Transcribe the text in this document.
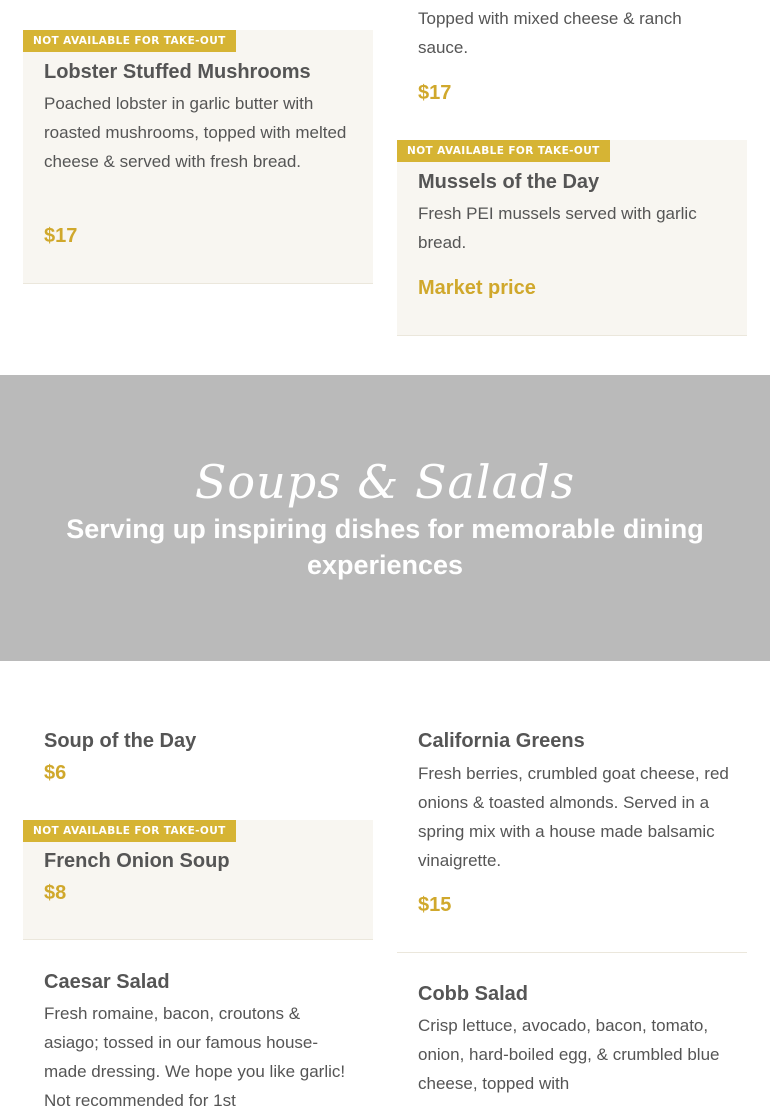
NOT AVAILABLE FOR TAKE-OUT
Lobster Stuffed Mushrooms
Poached lobster in garlic butter with roasted mushrooms, topped with melted cheese & served with fresh bread.
$17
Topped with mixed cheese & ranch sauce.
$17
NOT AVAILABLE FOR TAKE-OUT
Mussels of the Day
Fresh PEI mussels served with garlic bread.
Market price
Soups & Salads
Serving up inspiring dishes for memorable dining experiences
Soup of the Day
$6
NOT AVAILABLE FOR TAKE-OUT
French Onion Soup
$8
California Greens
Fresh berries, crumbled goat cheese, red onions & toasted almonds. Served in a spring mix with a house made balsamic vinaigrette.
$15
Caesar Salad
Fresh romaine, bacon, croutons & asiago; tossed in our famous house-made dressing. We hope you like garlic! Not recommended for 1st
Cobb Salad
Crisp lettuce, avocado, bacon, tomato, onion, hard-boiled egg, & crumbled blue cheese, topped with
